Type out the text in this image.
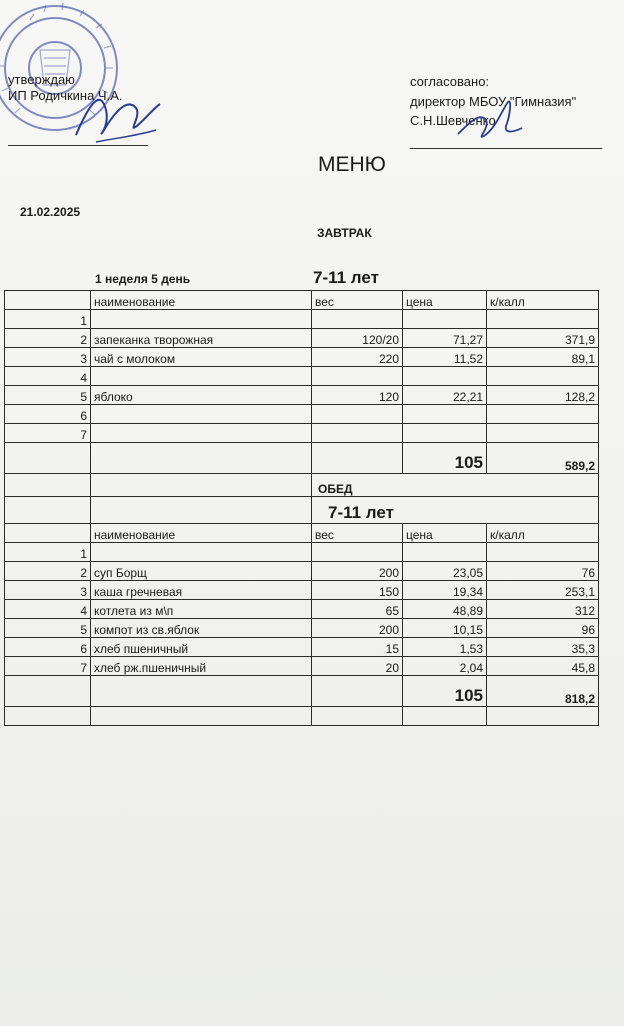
утверждаю
ИП Родичкина Ч.А.
согласовано:
директор МБОУ "Гимназия"
С.Н.Шевченко
МЕНЮ
21.02.2025
ЗАВТРАК
1 неделя 5 день	7-11 лет
	наименование	вес	цена	к/калл
1				
2	запеканка творожная	120/20	71,27	371,9
3	чай с молоком	220	11,52	89,1
4				
5	яблоко	120	22,21	128,2
6				
7				
			105	589,2
		ОБЕД		
		7-11 лет		
	наименование	вес	цена	к/калл
1				
2	суп Борщ	200	23,05	76
3	каша гречневая	150	19,34	253,1
4	котлета из м\п	65	48,89	312
5	компот из св.яблок	200	10,15	96
6	хлеб пшеничный	15	1,53	35,3
7	хлеб рж.пшеничный	20	2,04	45,8
			105	818,2
